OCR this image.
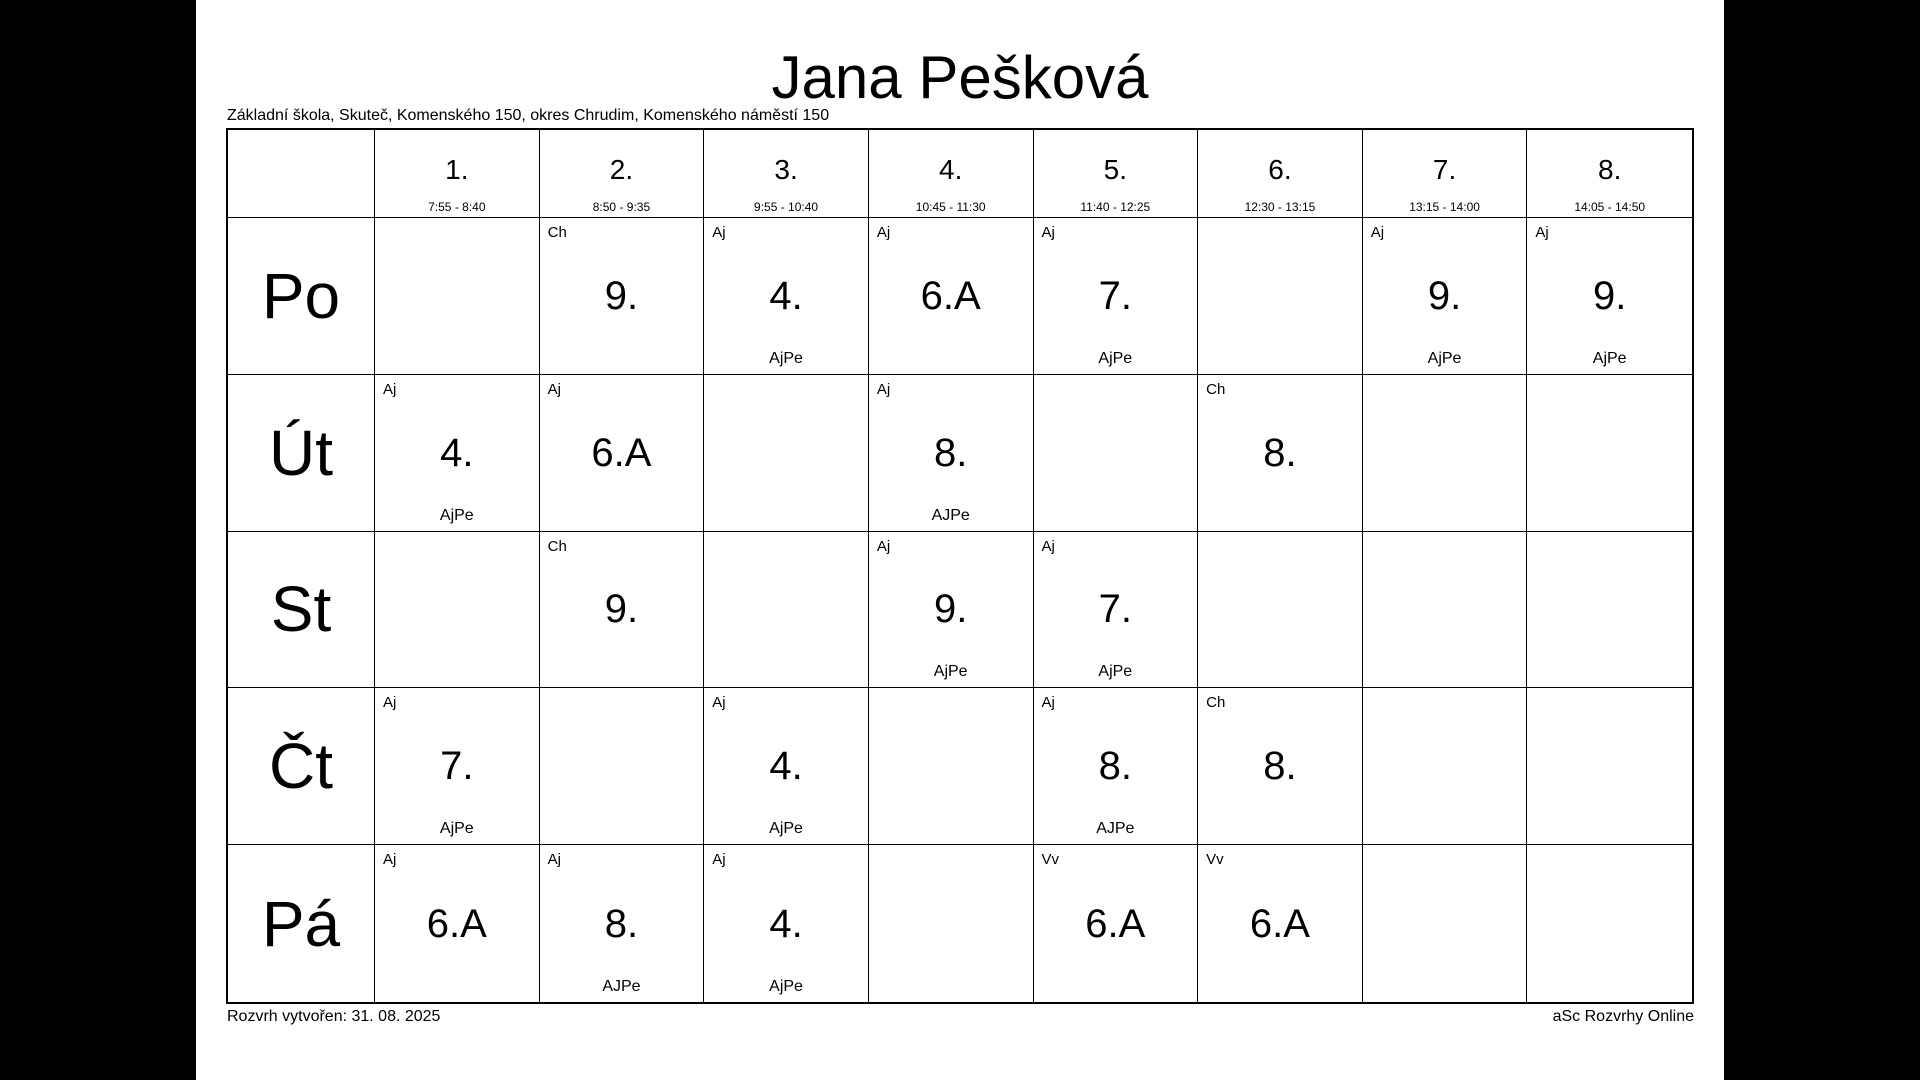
Jana Pešková
Základní škola, Skuteč, Komenského 150, okres Chrudim, Komenského náměstí 150
1.
7:55 - 8:40
2.
8:50 - 9:35
3.
9:55 - 10:40
4.
10:45 - 11:30
5.
11:40 - 12:25
6.
12:30 - 13:15
7.
13:15 - 14:00
8.
14:05 - 14:50
Po
Ch
9.
Aj
4.
AjPe
Aj
6.A
Aj
7.
AjPe
Aj
9.
AjPe
Aj
9.
AjPe
Út
Aj
4.
AjPe
Aj
6.A
Aj
8.
AJPe
Ch
8.
St
Ch
9.
Aj
9.
AjPe
Aj
7.
AjPe
Čt
Aj
7.
AjPe
Aj
4.
AjPe
Aj
8.
AJPe
Ch
8.
Pá
Aj
6.A
Aj
8.
AJPe
Aj
4.
AjPe
Vv
6.A
Vv
6.A
Rozvrh vytvořen: 31. 08. 2025	aSc Rozvrhy Online
